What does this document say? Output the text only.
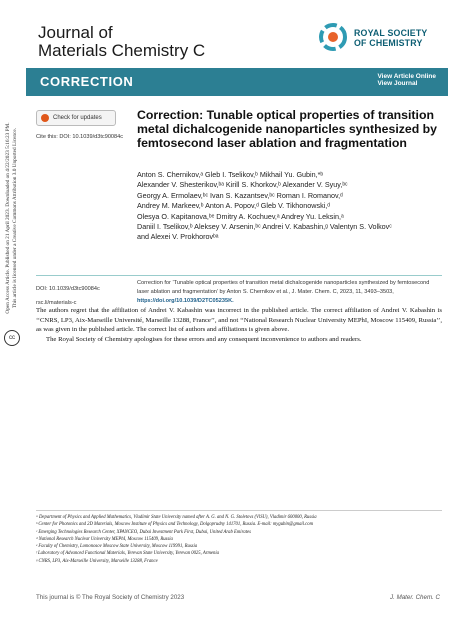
Journal of
Materials Chemistry C
ROYAL SOCIETY
OF CHEMISTRY
CORRECTION	View Article Online
View Journal
Open Access Article. Published on 21 April 2023. Downloaded on 4/22/2023 5:16:23 PM. This article is licensed under a Creative Commons Attribution 3.0 Unported Licence.
cc
Check for updates
Cite this: DOI: 10.1039/d3tc90084c
Correction: Tunable optical properties of transition metal dichalcogenide nanoparticles synthesized by femtosecond laser ablation and fragmentation
Anton S. Chernikov,ᵃ Gleb I. Tselikov,ᵇ Mikhail Yu. Gubin,*ᵇ
Alexander V. Shesterikov,ᵇᵃ Kirill S. Khorkov,ᵇ Alexander V. Syuy,ᵇᶜ
Georgy A. Ermolaev,ᵇᶜ Ivan S. Kazantsev,ᵇᶜ Roman I. Romanov,ᵈ
Andrey M. Markeev,ᵇ Anton A. Popov,ᵈ Gleb V. Tikhonowski,ᵈ
Olesya O. Kapitanova,ᵇᵉ Dmitry A. Kochuev,ᵃ Andrey Yu. Leksin,ᵃ
Daniil I. Tselikov,ᵇ Aleksey V. Arsenin,ᵇᶜ Andrei V. Kabashin,ᵍ Valentyn S. Volkovᶜ
and Alexei V. Prokhorovᵇᵃ
DOI: 10.1039/d3tc90084c
rsc.li/materials-c
Correction for ‘Tunable optical properties of transition metal dichalcogenide nanoparticles synthesized by femtosecond laser ablation and fragmentation’ by Anton S. Chernikov et al., J. Mater. Chem. C, 2023, 11, 3493–3503, https://doi.org/10.1039/D2TC05235K.

The authors regret that the affiliation of Andrei V. Kabashin was incorrect in the published article. The correct affiliation of Andrei V. Kabashin is ‘‘CNRS, LP3, Aix-Marseille Université, Marseille 13288, France’’, and not ‘‘National Research Nuclear University MEPhI, Moscow 115409, Russia’’, as was given in the published article. The correct list of authors and affiliations is given above.

The Royal Society of Chemistry apologises for these errors and any consequent inconvenience to authors and readers.

ᵃ Department of Physics and Applied Mathematics, Vladimir State University named after A. G. and N. G. Stoletovs (VlSU), Vladimir 600000, Russia
ᵇ Center for Photonics and 2D Materials, Moscow Institute of Physics and Technology, Dolgoprudny 141701, Russia. E-mail: mygubin@gmail.com
ᶜ Emerging Technologies Research Center, XPANCEO, Dubai Investment Park First, Dubai, United Arab Emirates
ᵈ National Research Nuclear University MEPhI, Moscow 115409, Russia
ᵉ Faculty of Chemistry, Lomonosov Moscow State University, Moscow 119991, Russia
ᶠ Laboratory of Advanced Functional Materials, Yerevan State University, Yerevan 0025, Armenia
ᵍ CNRS, LP3, Aix-Marseille University, Marseille 13288, France
This journal is © The Royal Society of Chemistry 2023	J. Mater. Chem. C
